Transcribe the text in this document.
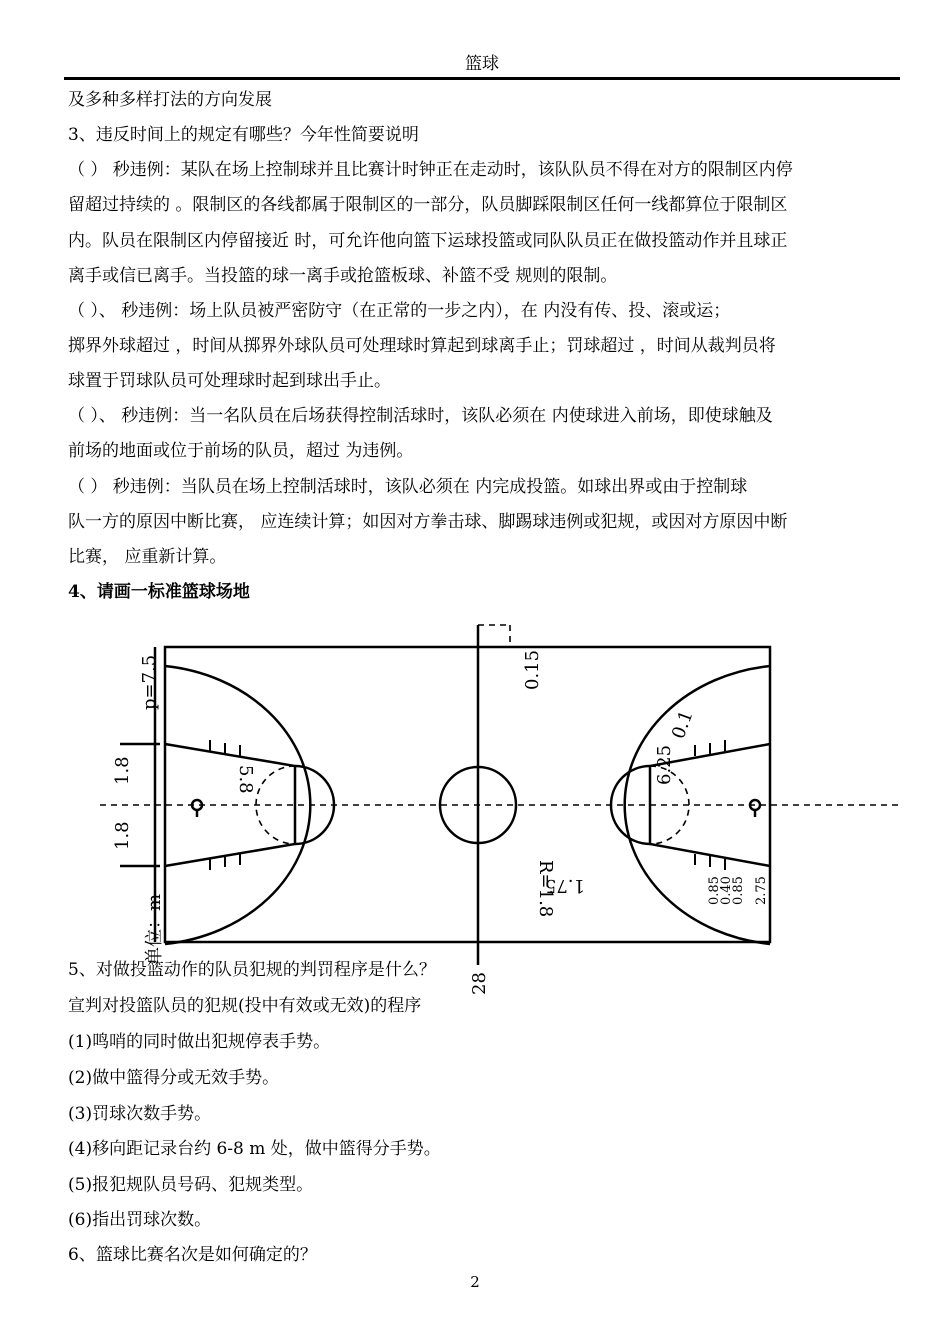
篮球
及多种多样打法的方向发展
3、违反时间上的规定有哪些？今年性简要说明
（ ） 秒违例：某队在场上控制球并且比赛计时钟正在走动时，该队队员不得在对方的限制区内停
留超过持续的 。限制区的各线都属于限制区的一部分，队员脚踩限制区任何一线都算位于限制区
内。队员在限制区内停留接近 时，可允许他向篮下运球投篮或同队队员正在做投篮动作并且球正
离手或信已离手。当投篮的球一离手或抢篮板球、补篮不受 规则的限制。
（ ）、 秒违例：场上队员被严密防守（在正常的一步之内），在 内没有传、投、滚或运；
掷界外球超过 ，时间从掷界外球队员可处理球时算起到球离手止；罚球超过 ，时间从裁判员将
球置于罚球队员可处理球时起到球出手止。
（ ）、 秒违例：当一名队员在后场获得控制活球时，该队必须在 内使球进入前场，即使球触及
前场的地面或位于前场的队员，超过 为违例。
（ ） 秒违例：当队员在场上控制活球时，该队必须在 内完成投篮。如球出界或由于控制球
队一方的原因中断比赛， 应连续计算；如因对方拳击球、脚踢球违例或犯规，或因对方原因中断
比赛， 应重新计算。
4、请画一标准篮球场地
R=1.8
p=7.5
单位：m
5.8
1.8
1.8
6.25
0.1
0.15
1.75	0.85
0.40
0.85 2.75
28
5、对做投篮动作的队员犯规的判罚程序是什么？
宣判对投篮队员的犯规(投中有效或无效)的程序
(1)鸣哨的同时做出犯规停表手势。
(2)做中篮得分或无效手势。
(3)罚球次数手势。
(4)移向距记录台约 6-8 m 处，做中篮得分手势。
(5)报犯规队员号码、犯规类型。
(6)指出罚球次数。
6、篮球比赛名次是如何确定的？
2
